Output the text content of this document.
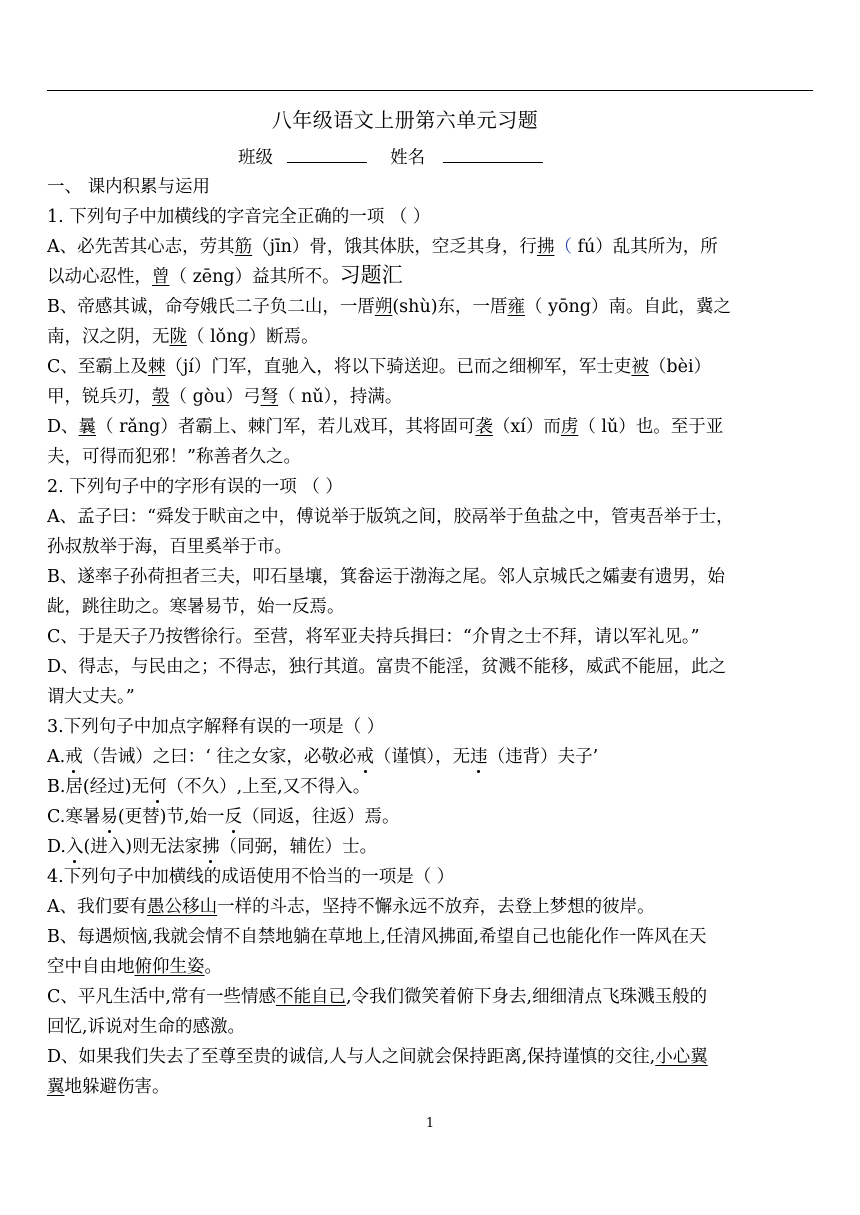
八年级语文上册第六单元习题
班级	姓名
一、 课内积累与运用
1. 下列句子中加横线的字音完全正确的一项 （ ）
A、必先苦其心志，劳其筋（jīn）骨，饿其体肤，空乏其身，行拂（ fú）乱其所为，所
以动心忍性，曾（ zēng）益其所不。习题汇
B、帝感其诚，命夸娥氏二子负二山，一厝朔(shù)东，一厝雍（ yōng）南。自此，冀之
南，汉之阴，无陇（ lǒng）断焉。
C、至霸上及棘（jí）门军，直驰入，将以下骑送迎。已而之细柳军，军士吏被（bèi）
甲，锐兵刃，彀（ gòu）弓弩（ nǔ），持满。
D、曩（ rǎng）者霸上、棘门军，若儿戏耳，其将固可袭（xí）而虏（ lǔ）也。至于亚
夫，可得而犯邪！”称善者久之。
2. 下列句子中的字形有误的一项 （ ）
A、孟子曰：“舜发于畎亩之中，傅说举于版筑之间，胶鬲举于鱼盐之中，管夷吾举于士，
孙叔敖举于海，百里奚举于市。
B、遂率子孙荷担者三夫，叩石垦壤，箕畚运于渤海之尾。邻人京城氏之孀妻有遗男，始
龀，跳往助之。寒暑易节，始一反焉。
C、于是天子乃按辔徐行。至营，将军亚夫持兵揖曰：“介胄之士不拜，请以军礼见。”
D、得志，与民由之；不得志，独行其道。富贵不能淫，贫溅不能移，威武不能屈，此之
谓大丈夫。”
3.下列句子中加点字解释有误的一项是（ ）
A.戒（告诫）之曰：‘ 往之女家，必敬必戒（谨慎），无违（违背）夫子’
B.居(经过)无何（不久）,上至,又不得入。
C.寒暑易(更替)节,始一反（同返，往返）焉。
D.入(进入)则无法家拂（同弼，辅佐）士。
4.下列句子中加横线的成语使用不恰当的一项是（ ）
A、我们要有愚公移山一样的斗志，坚持不懈永远不放弃，去登上梦想的彼岸。
B、每遇烦恼,我就会情不自禁地躺在草地上,任清风拂面,希望自己也能化作一阵风在天
空中自由地俯仰生姿。
C、平凡生活中,常有一些情感不能自已,令我们微笑着俯下身去,细细清点飞珠溅玉般的
回忆,诉说对生命的感激。
D、如果我们失去了至尊至贵的诚信,人与人之间就会保持距离,保持谨慎的交往,小心翼
翼地躲避伤害。
1
